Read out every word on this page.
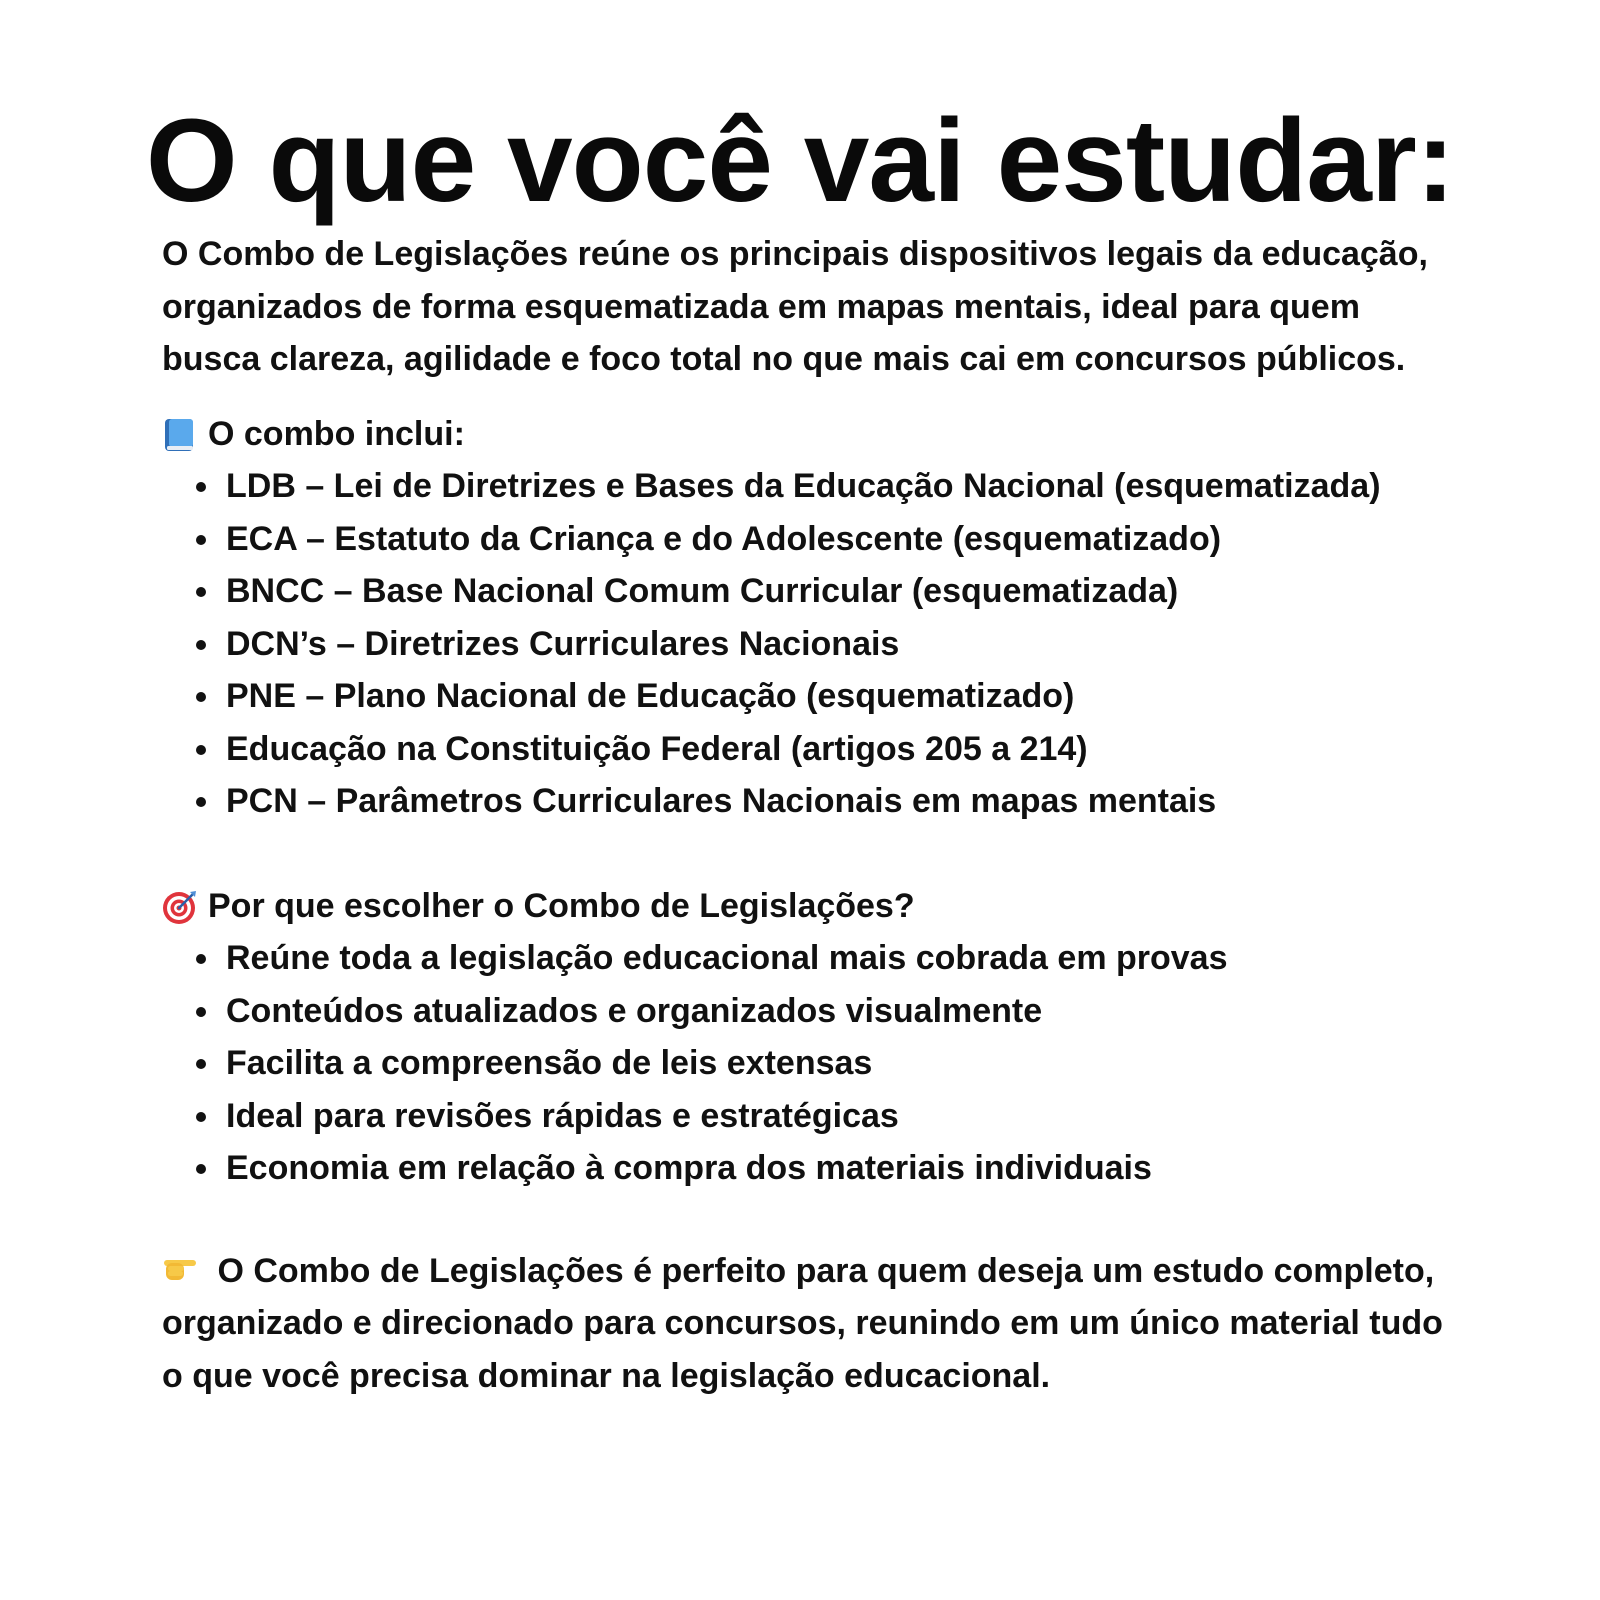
O que você vai estudar:

O Combo de Legislações reúne os principais dispositivos legais da educação, organizados de forma esquematizada em mapas mentais, ideal para quem busca clareza, agilidade e foco total no que mais cai em concursos públicos.

O combo inclui:
LDB – Lei de Diretrizes e Bases da Educação Nacional (esquematizada)
ECA – Estatuto da Criança e do Adolescente (esquematizado)
BNCC – Base Nacional Comum Curricular (esquematizada)
DCN’s – Diretrizes Curriculares Nacionais
PNE – Plano Nacional de Educação (esquematizado)
Educação na Constituição Federal (artigos 205 a 214)
PCN – Parâmetros Curriculares Nacionais em mapas mentais
Por que escolher o Combo de Legislações?
Reúne toda a legislação educacional mais cobrada em provas
Conteúdos atualizados e organizados visualmente
Facilita a compreensão de leis extensas
Ideal para revisões rápidas e estratégicas
Economia em relação à compra dos materiais individuais

O Combo de Legislações é perfeito para quem deseja um estudo completo, organizado e direcionado para concursos, reunindo em um único material tudo o que você precisa dominar na legislação educacional.
